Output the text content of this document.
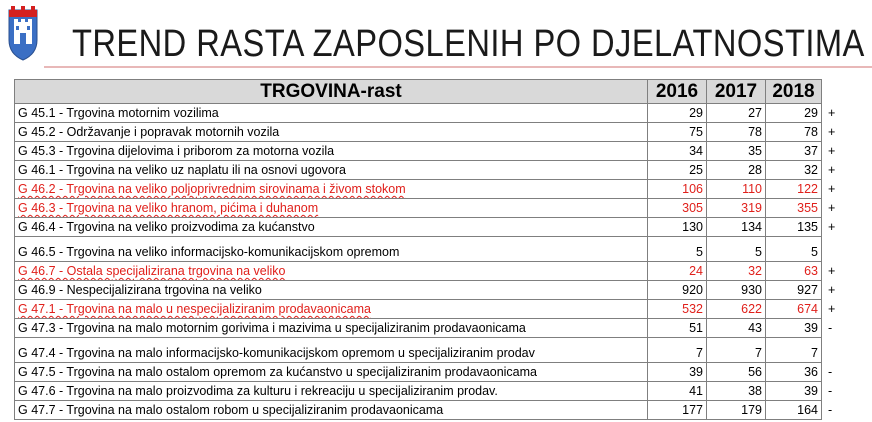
TREND RASTA ZAPOSLENIH PO DJELATNOSTIMA
TRGOVINA-rast	2016	2017	2018	
G 45.1 - Trgovina motornim vozilima	29	27	29	+
G 45.2 - Održavanje i popravak motornih vozila	75	78	78	+
G 45.3 - Trgovina dijelovima i priborom za motorna vozila	34	35	37	+
G 46.1 - Trgovina na veliko uz naplatu ili na osnovi ugovora	25	28	32	+
G 46.2 - Trgovina na veliko poljoprivrednim sirovinama i živom stokom	106	110	122	+
G 46.3 - Trgovina na veliko hranom, pićima i duhanom	305	319	355	+
G 46.4 - Trgovina na veliko proizvodima za kućanstvo	130	134	135	+
G 46.5 - Trgovina na veliko informacijsko-komunikacijskom opremom	5	5	5	
G 46.7 - Ostala specijalizirana trgovina na veliko	24	32	63	+
G 46.9 - Nespecijalizirana trgovina na veliko	920	930	927	+
G 47.1 - Trgovina na malo u nespecijaliziranim prodavaonicama	532	622	674	+
G 47.3 - Trgovina na malo motornim gorivima i mazivima u specijaliziranim prodavaonicama	51	43	39	-
G 47.4 - Trgovina na malo informacijsko-komunikacijskom opremom u specijaliziranim prodav	7	7	7	
G 47.5 - Trgovina na malo ostalom opremom za kućanstvo u specijaliziranim prodavaonicama	39	56	36	-
G 47.6 - Trgovina na malo proizvodima za kulturu i rekreaciju u specijaliziranim prodav.	41	38	39	-
G 47.7 - Trgovina na malo ostalom robom u specijaliziranim prodavaonicama	177	179	164	-
